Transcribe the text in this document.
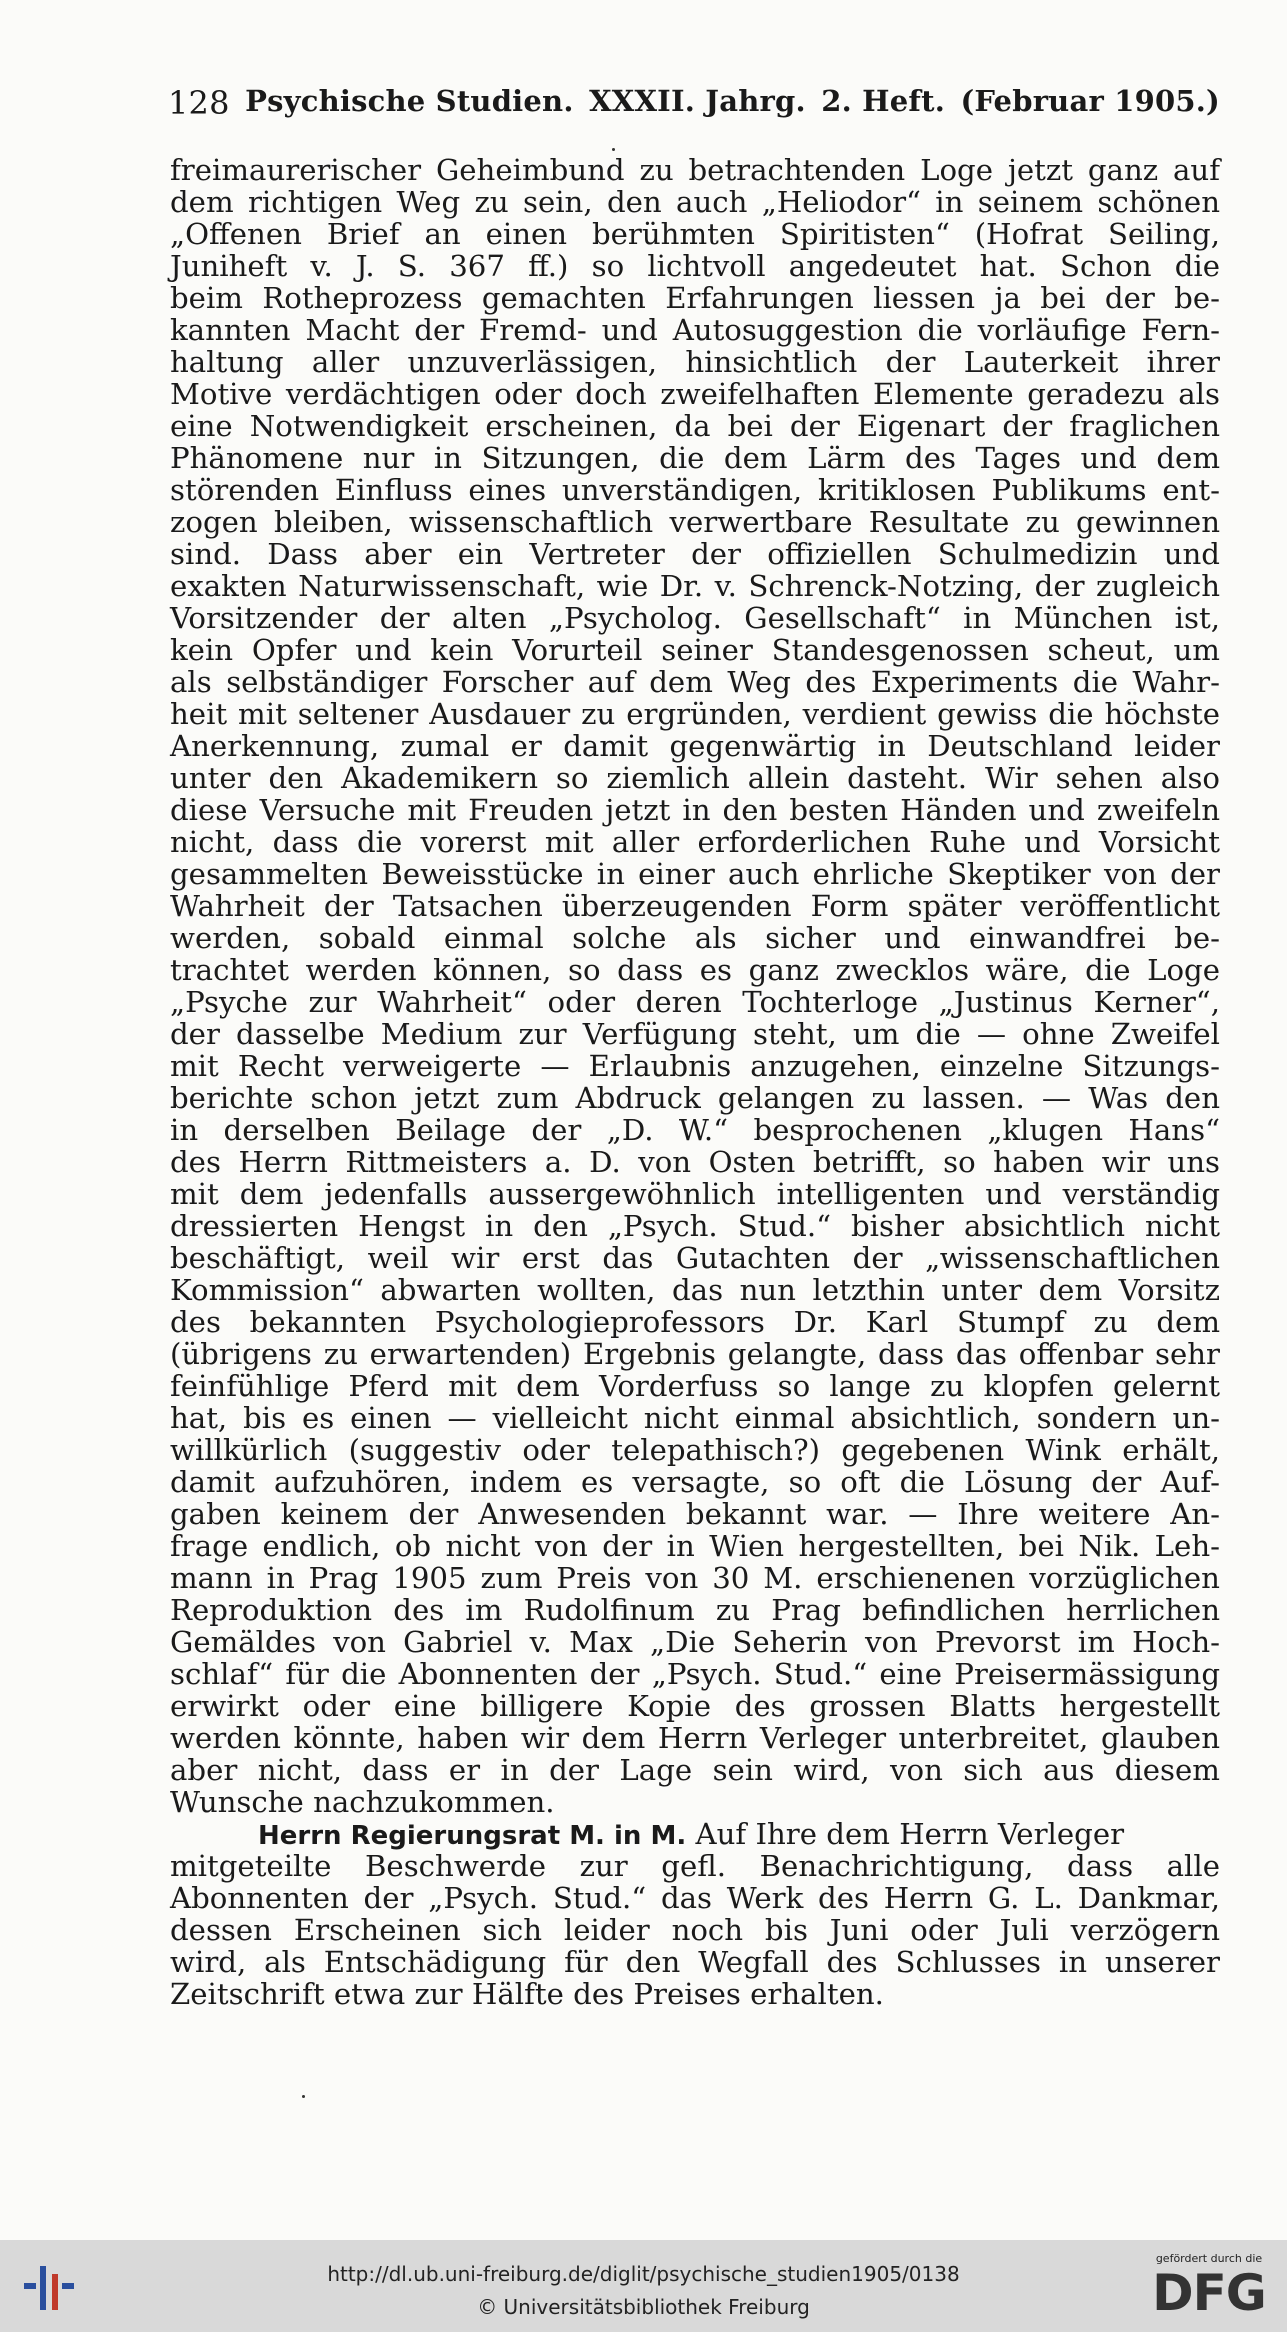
128 Psychische Studien. XXXII. Jahrg. 2. Heft. (Februar 1905.)
freimaurerischer Geheimbund zu betrachtenden Loge jetzt ganz auf
dem richtigen Weg zu sein, den auch „Heliodor“ in seinem schönen
„Offenen Brief an einen berühmten Spiritisten“ (Hofrat Seiling,
Juniheft v. J. S. 367 ff.) so lichtvoll angedeutet hat. Schon die
beim Rotheprozess gemachten Erfahrungen liessen ja bei der be-
kannten Macht der Fremd- und Autosuggestion die vorläufige Fern-
haltung aller unzuverlässigen, hinsichtlich der Lauterkeit ihrer
Motive verdächtigen oder doch zweifelhaften Elemente geradezu als
eine Notwendigkeit erscheinen, da bei der Eigenart der fraglichen
Phänomene nur in Sitzungen, die dem Lärm des Tages und dem
störenden Einfluss eines unverständigen, kritiklosen Publikums ent-
zogen bleiben, wissenschaftlich verwertbare Resultate zu gewinnen
sind. Dass aber ein Vertreter der offiziellen Schulmedizin und
exakten Naturwissenschaft, wie Dr. v. Schrenck-Notzing, der zugleich
Vorsitzender der alten „Psycholog. Gesellschaft“ in München ist,
kein Opfer und kein Vorurteil seiner Standesgenossen scheut, um
als selbständiger Forscher auf dem Weg des Experiments die Wahr-
heit mit seltener Ausdauer zu ergründen, verdient gewiss die höchste
Anerkennung, zumal er damit gegenwärtig in Deutschland leider
unter den Akademikern so ziemlich allein dasteht. Wir sehen also
diese Versuche mit Freuden jetzt in den besten Händen und zweifeln
nicht, dass die vorerst mit aller erforderlichen Ruhe und Vorsicht
gesammelten Beweisstücke in einer auch ehrliche Skeptiker von der
Wahrheit der Tatsachen überzeugenden Form später veröffentlicht
werden, sobald einmal solche als sicher und einwandfrei be-
trachtet werden können, so dass es ganz zwecklos wäre, die Loge
„Psyche zur Wahrheit“ oder deren Tochterloge „Justinus Kerner“,
der dasselbe Medium zur Verfügung steht, um die — ohne Zweifel
mit Recht verweigerte — Erlaubnis anzugehen, einzelne Sitzungs-
berichte schon jetzt zum Abdruck gelangen zu lassen. — Was den
in derselben Beilage der „D. W.“ besprochenen „klugen Hans“
des Herrn Rittmeisters a. D. von Osten betrifft, so haben wir uns
mit dem jedenfalls aussergewöhnlich intelligenten und verständig
dressierten Hengst in den „Psych. Stud.“ bisher absichtlich nicht
beschäftigt, weil wir erst das Gutachten der „wissenschaftlichen
Kommission“ abwarten wollten, das nun letzthin unter dem Vorsitz
des bekannten Psychologieprofessors Dr. Karl Stumpf zu dem
(übrigens zu erwartenden) Ergebnis gelangte, dass das offenbar sehr
feinfühlige Pferd mit dem Vorderfuss so lange zu klopfen gelernt
hat, bis es einen — vielleicht nicht einmal absichtlich, sondern un-
willkürlich (suggestiv oder telepathisch?) gegebenen Wink erhält,
damit aufzuhören, indem es versagte, so oft die Lösung der Auf-
gaben keinem der Anwesenden bekannt war. — Ihre weitere An-
frage endlich, ob nicht von der in Wien hergestellten, bei Nik. Leh-
mann in Prag 1905 zum Preis von 30 M. erschienenen vorzüglichen
Reproduktion des im Rudolfinum zu Prag befindlichen herrlichen
Gemäldes von Gabriel v. Max „Die Seherin von Prevorst im Hoch-
schlaf“ für die Abonnenten der „Psych. Stud.“ eine Preisermässigung
erwirkt oder eine billigere Kopie des grossen Blatts hergestellt
werden könnte, haben wir dem Herrn Verleger unterbreitet, glauben
aber nicht, dass er in der Lage sein wird, von sich aus diesem
Wunsche nachzukommen.
Herrn Regierungsrat M. in M. Auf Ihre dem Herrn Verleger
mitgeteilte Beschwerde zur gefl. Benachrichtigung, dass alle
Abonnenten der „Psych. Stud.“ das Werk des Herrn G. L. Dankmar,
dessen Erscheinen sich leider noch bis Juni oder Juli verzögern
wird, als Entschädigung für den Wegfall des Schlusses in unserer
Zeitschrift etwa zur Hälfte des Preises erhalten.
http://dl.ub.uni-freiburg.de/diglit/psychische_studien1905/0138
© Universitätsbibliothek Freiburg
gefördert durch die
DFG
